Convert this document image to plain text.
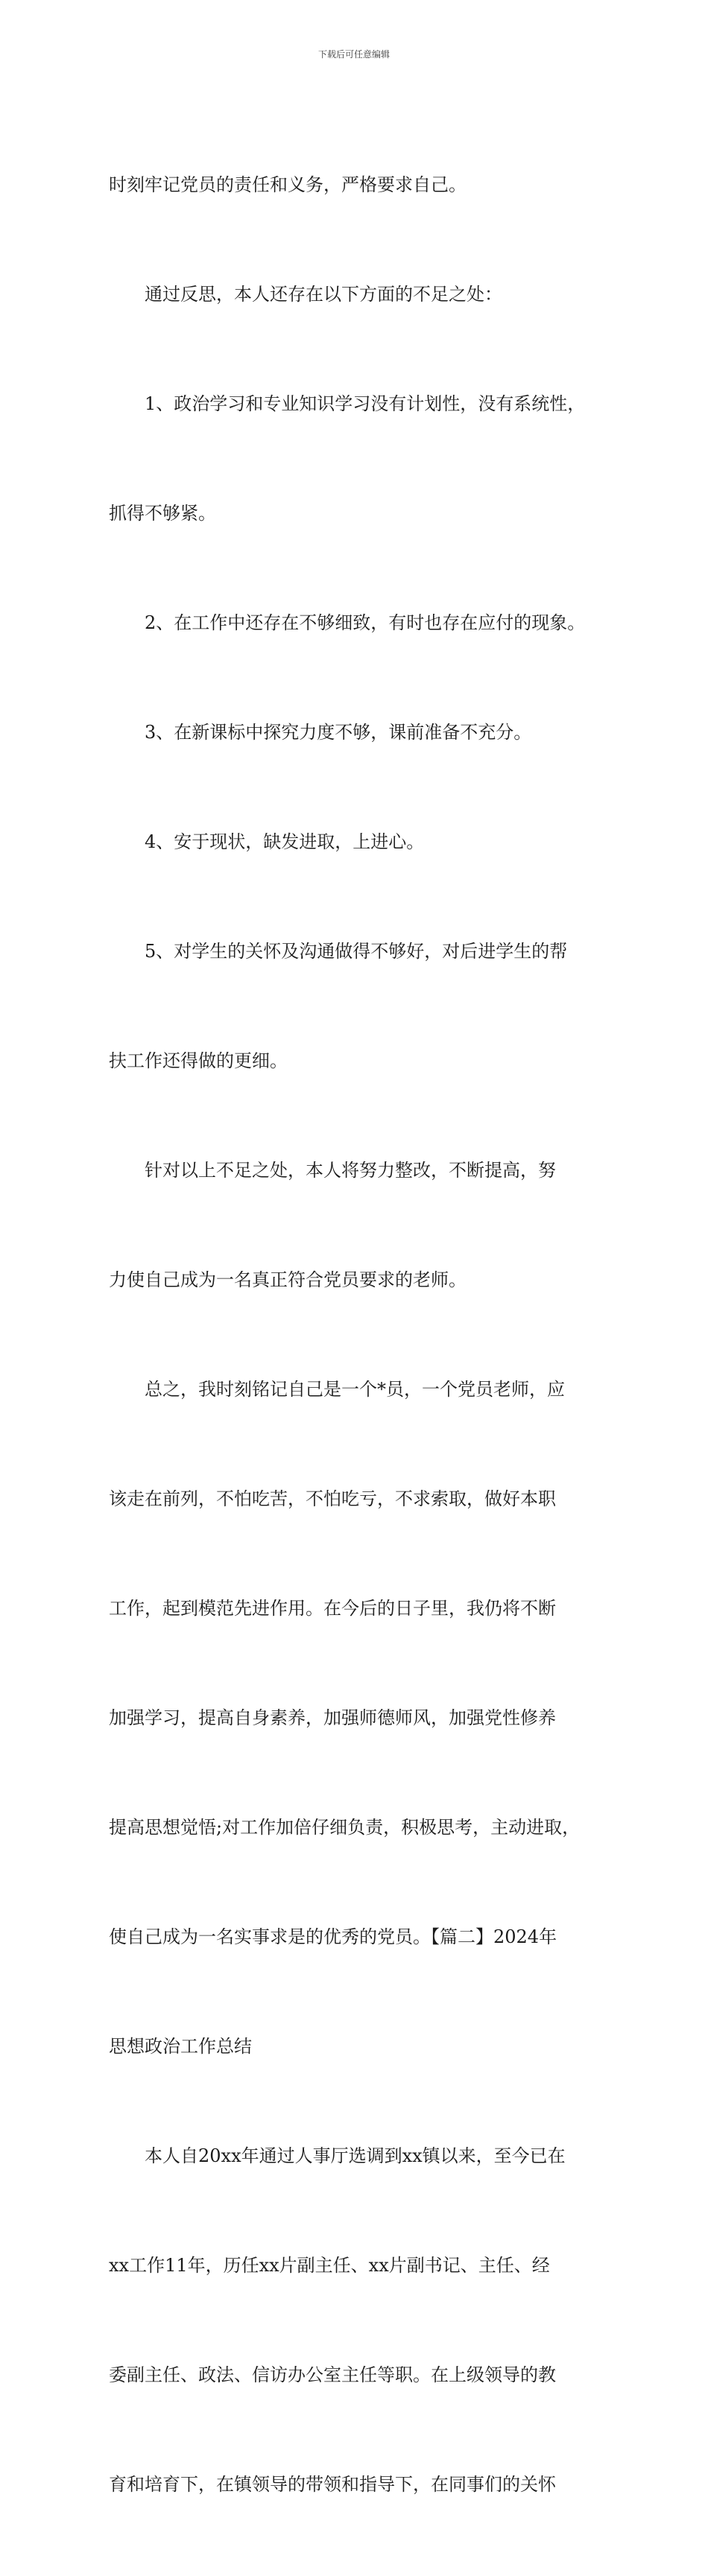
下载后可任意编辑

时刻牢记党员的责任和义务，严格要求自己。

　　通过反思，本人还存在以下方面的不足之处：

　　1、政治学习和专业知识学习没有计划性，没有系统性，

抓得不够紧。

　　2、在工作中还存在不够细致，有时也存在应付的现象。

　　3、在新课标中探究力度不够，课前准备不充分。

　　4、安于现状，缺发进取，上进心。

　　5、对学生的关怀及沟通做得不够好，对后进学生的帮

扶工作还得做的更细。

　　针对以上不足之处，本人将努力整改，不断提高，努

力使自己成为一名真正符合党员要求的老师。

　　总之，我时刻铭记自己是一个*员，一个党员老师，应

该走在前列，不怕吃苦，不怕吃亏，不求索取，做好本职

工作，起到模范先进作用。在今后的日子里，我仍将不断

加强学习，提高自身素养，加强师德师风，加强党性修养

提高思想觉悟;对工作加倍仔细负责，积极思考，主动进取，

使自己成为一名实事求是的优秀的党员。【篇二】2024年

思想政治工作总结

　　本人自20xx年通过人事厅选调到xx镇以来，至今已在

xx工作11年，历任xx片副主任、xx片副书记、主任、经

委副主任、政法、信访办公室主任等职。在上级领导的教

育和培育下，在镇领导的带领和指导下，在同事们的关怀
